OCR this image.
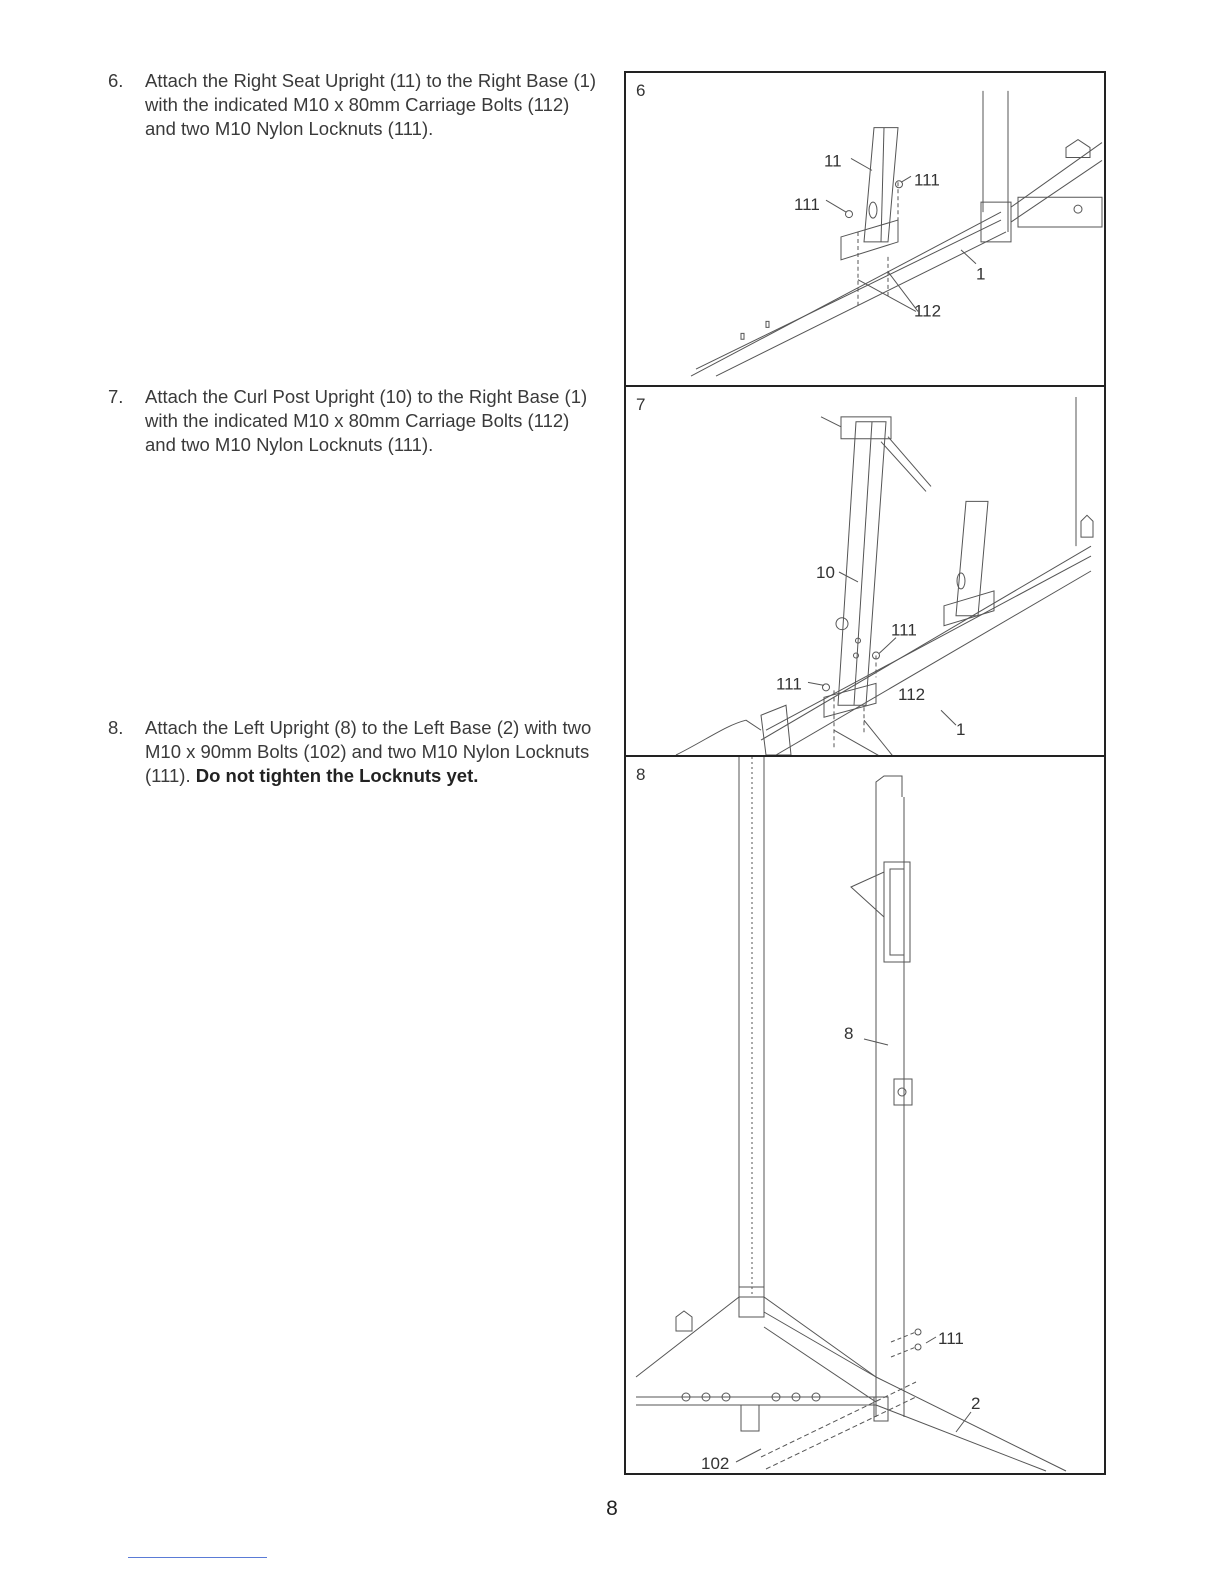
6. Attach the Right Seat Upright (11) to the Right Base (1) with the indicated M10 x 80mm Carriage Bolts (112) and two M10 Nylon Locknuts (111).
7. Attach the Curl Post Upright (10) to the Right Base (1) with the indicated M10 x 80mm Carriage Bolts (112) and two M10 Nylon Locknuts (111).
8. Attach the Left Upright (8) to the Left Base (2) with two M10 x 90mm Bolts (102) and two M10 Nylon Locknuts (111). Do not tighten the Locknuts yet.
11
111
111
1
112
6
10
111
111
1
7
8
111
2
102
8
112
8
